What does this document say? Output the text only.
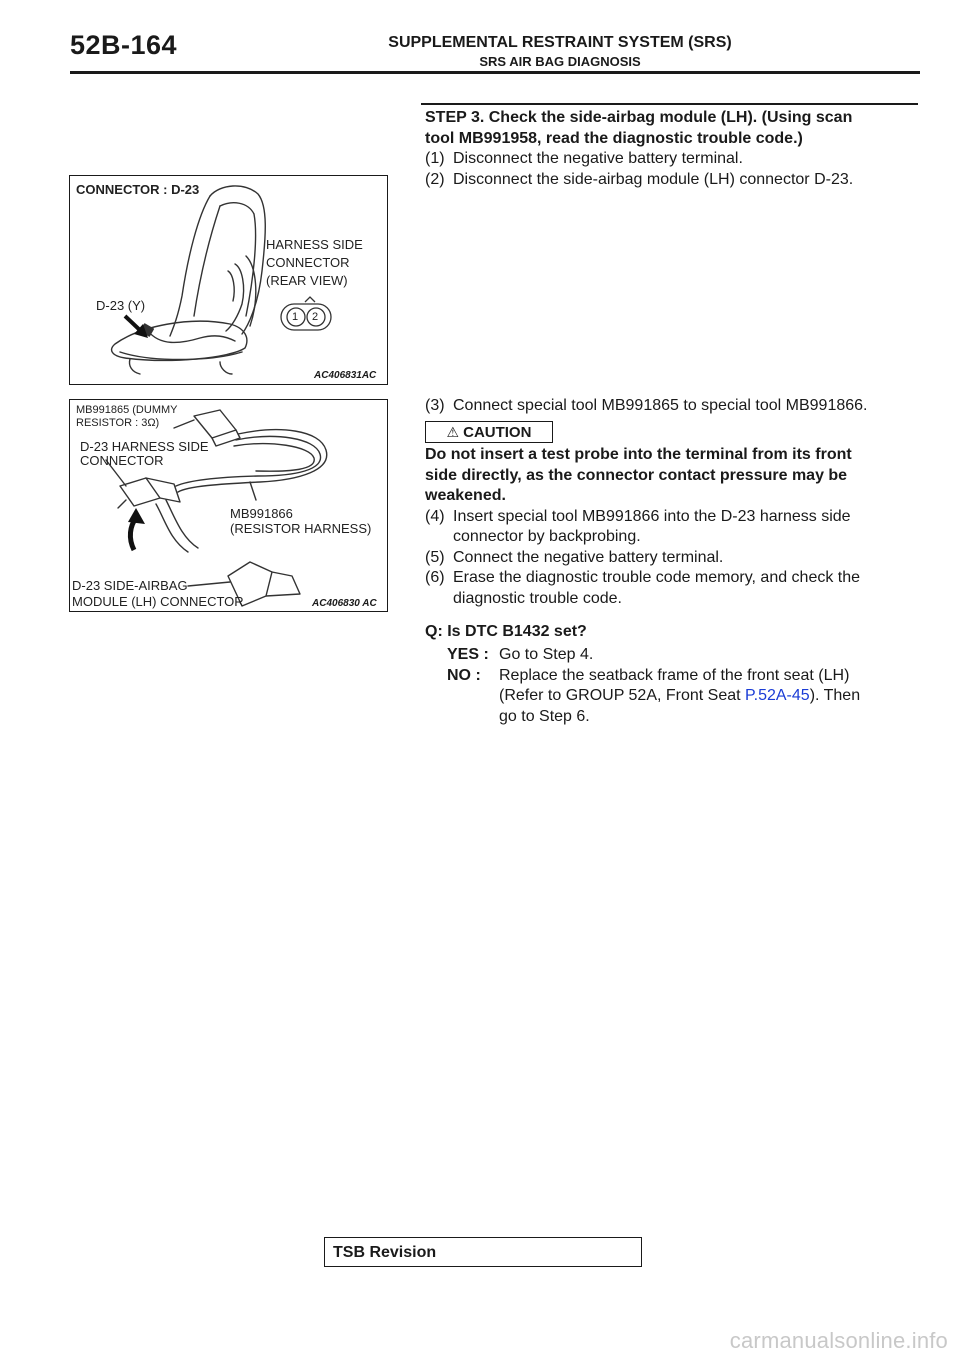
52B-164	SUPPLEMENTAL RESTRAINT SYSTEM (SRS)
SRS AIR BAG DIAGNOSIS
CONNECTOR : D-23
HARNESS SIDE
CONNECTOR
(REAR VIEW)
1 2
D-23 (Y)
AC406831AC
MB991865 (DUMMY
RESISTOR : 3Ω)
D-23 HARNESS SIDE
CONNECTOR
MB991866
(RESISTOR HARNESS)
D-23 SIDE-AIRBAG
MODULE (LH) CONNECTOR	AC406830 AC
STEP 3. Check the side-airbag module (LH). (Using scan
tool MB991958, read the diagnostic trouble code.)
(1) Disconnect the negative battery terminal.
(2) Disconnect the side-airbag module (LH) connector D-23.
(3) Connect special tool MB991865 to special tool MB991866.
⚠ CAUTION
Do not insert a test probe into the terminal from its front
side directly, as the connector contact pressure may be
weakened.
(4) Insert special tool MB991866 into the D-23 harness side
connector by backprobing.
(5) Connect the negative battery terminal.
(6) Erase the diagnostic trouble code memory, and check the
diagnostic trouble code.
Q: Is DTC B1432 set?
YES : Go to Step 4.
NO : Replace the seatback frame of the front seat (LH)
(Refer to GROUP 52A, Front Seat P.52A-45). Then
go to Step 6.
TSB Revision
carmanualsonline.info
